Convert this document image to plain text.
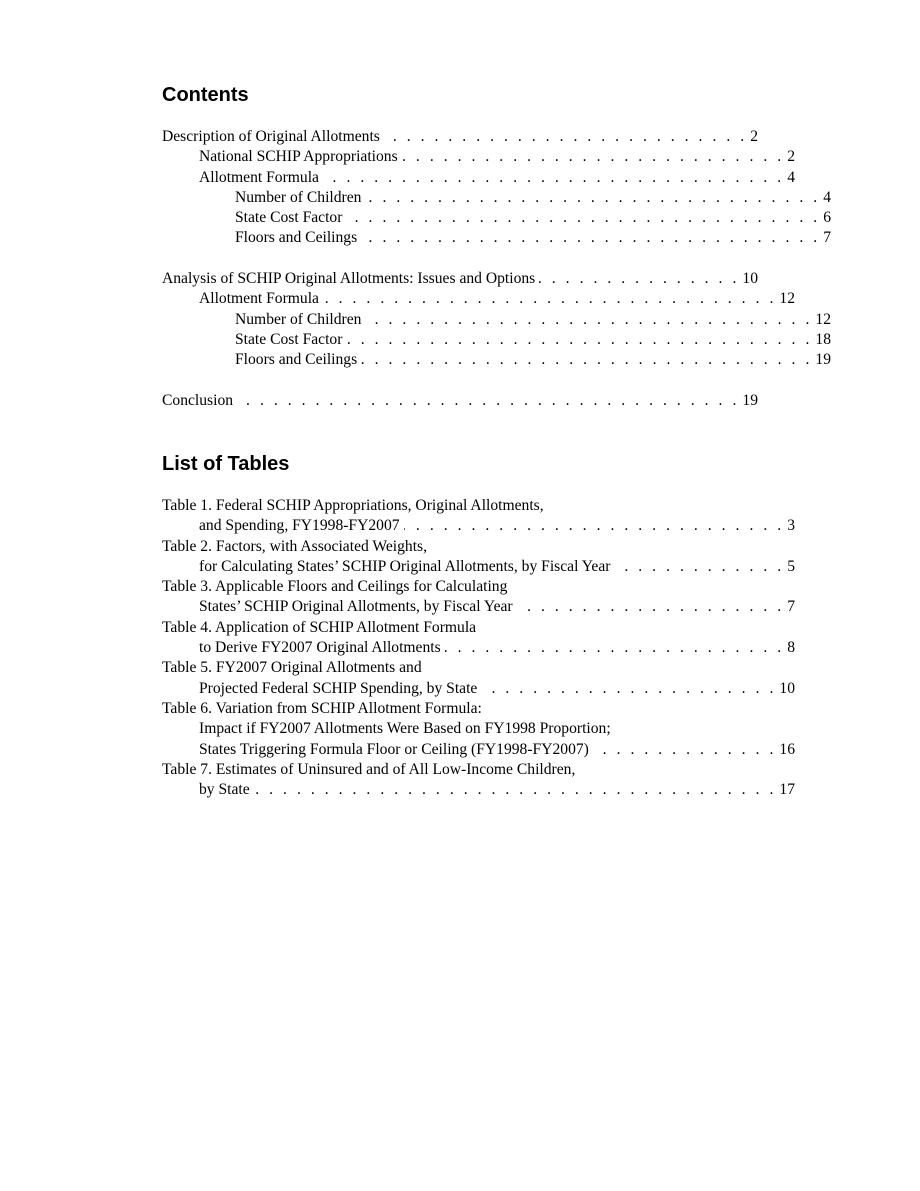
Contents
Description of Original Allotments . . .	2
National SCHIP Appropriations . . .	2
Allotment Formula . . .	4
Number of Children . . .	4
State Cost Factor . . .	6
Floors and Ceilings . . .	7
Analysis of SCHIP Original Allotments: Issues and Options . . .	10
Allotment Formula . . .	12
Number of Children . . .	12
State Cost Factor . . .	18
Floors and Ceilings . . .	19
Conclusion . . .	19
List of Tables
Table 1. Federal SCHIP Appropriations, Original Allotments,
and Spending, FY1998-FY2007 . . .	3
Table 2. Factors, with Associated Weights,
for Calculating States’ SCHIP Original Allotments, by Fiscal Year . . .	5
Table 3. Applicable Floors and Ceilings for Calculating
States’ SCHIP Original Allotments, by Fiscal Year . . .	7
Table 4. Application of SCHIP Allotment Formula
to Derive FY2007 Original Allotments . . .	8
Table 5. FY2007 Original Allotments and
Projected Federal SCHIP Spending, by State . . .	10
Table 6. Variation from SCHIP Allotment Formula:
Impact if FY2007 Allotments Were Based on FY1998 Proportion;
States Triggering Formula Floor or Ceiling (FY1998-FY2007) . . .	16
Table 7. Estimates of Uninsured and of All Low-Income Children,
by State . . .	17
